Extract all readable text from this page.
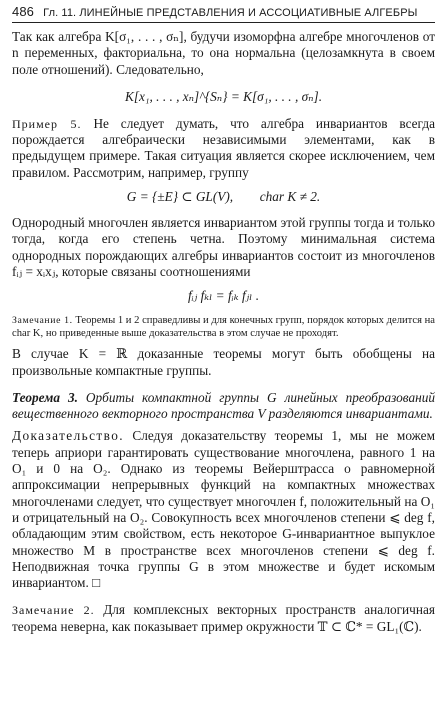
486 Гл. 11. ЛИНЕЙНЫЕ ПРЕДСТАВЛЕНИЯ И АССОЦИАТИВНЫЕ АЛГЕБРЫ

Так как алгебра K[σ₁, . . . , σₙ], будучи изоморфна алгебре многочленов от n переменных, факториальна, то она нормальна (целозамкнута в своем поле отношений). Следовательно,

K[x₁, . . . , xₙ]^{Sₙ} = K[σ₁, . . . , σₙ].

Пример 5. Не следует думать, что алгебра инвариантов всегда порождается алгебраически независимыми элементами, как в предыдущем примере. Такая ситуация является скорее исключением, чем правилом. Рассмотрим, например, группу

G = {±E} ⊂ GL(V),        char K ≠ 2.

Однородный многочлен является инвариантом этой группы тогда и только тогда, когда его степень четна. Поэтому минимальная система однородных порождающих алгебры инвариантов состоит из многочленов fᵢⱼ = xᵢxⱼ, которые связаны соотношениями

fᵢⱼ fₖₗ = fᵢₖ fⱼₗ .

Замечание 1. Теоремы 1 и 2 справедливы и для конечных групп, порядок которых делится на char K, но приведенные выше доказательства в этом случае не проходят.

В случае K = ℝ доказанные теоремы могут быть обобщены на произвольные компактные группы.

Теорема 3. Орбиты компактной группы G линейных преобразований вещественного векторного пространства V разделяются инвариантами.

Доказательство. Следуя доказательству теоремы 1, мы не можем теперь априори гарантировать существование многочлена, равного 1 на O₁ и 0 на O₂. Однако из теоремы Вейерштрасса о равномерной аппроксимации непрерывных функций на компактных множествах многочленами следует, что существует многочлен f, положительный на O₁ и отрицательный на O₂. Совокупность всех многочленов степени ⩽ deg f, обладающим этим свойством, есть некоторое G-инвариантное выпуклое множество M в пространстве всех многочленов степени ⩽ deg f. Неподвижная точка группы G в этом множестве и будет искомым инвариантом. □

Замечание 2. Для комплексных векторных пространств аналогичная теорема неверна, как показывает пример окружности 𝕋 ⊂ ℂ* = GL₁(ℂ).
